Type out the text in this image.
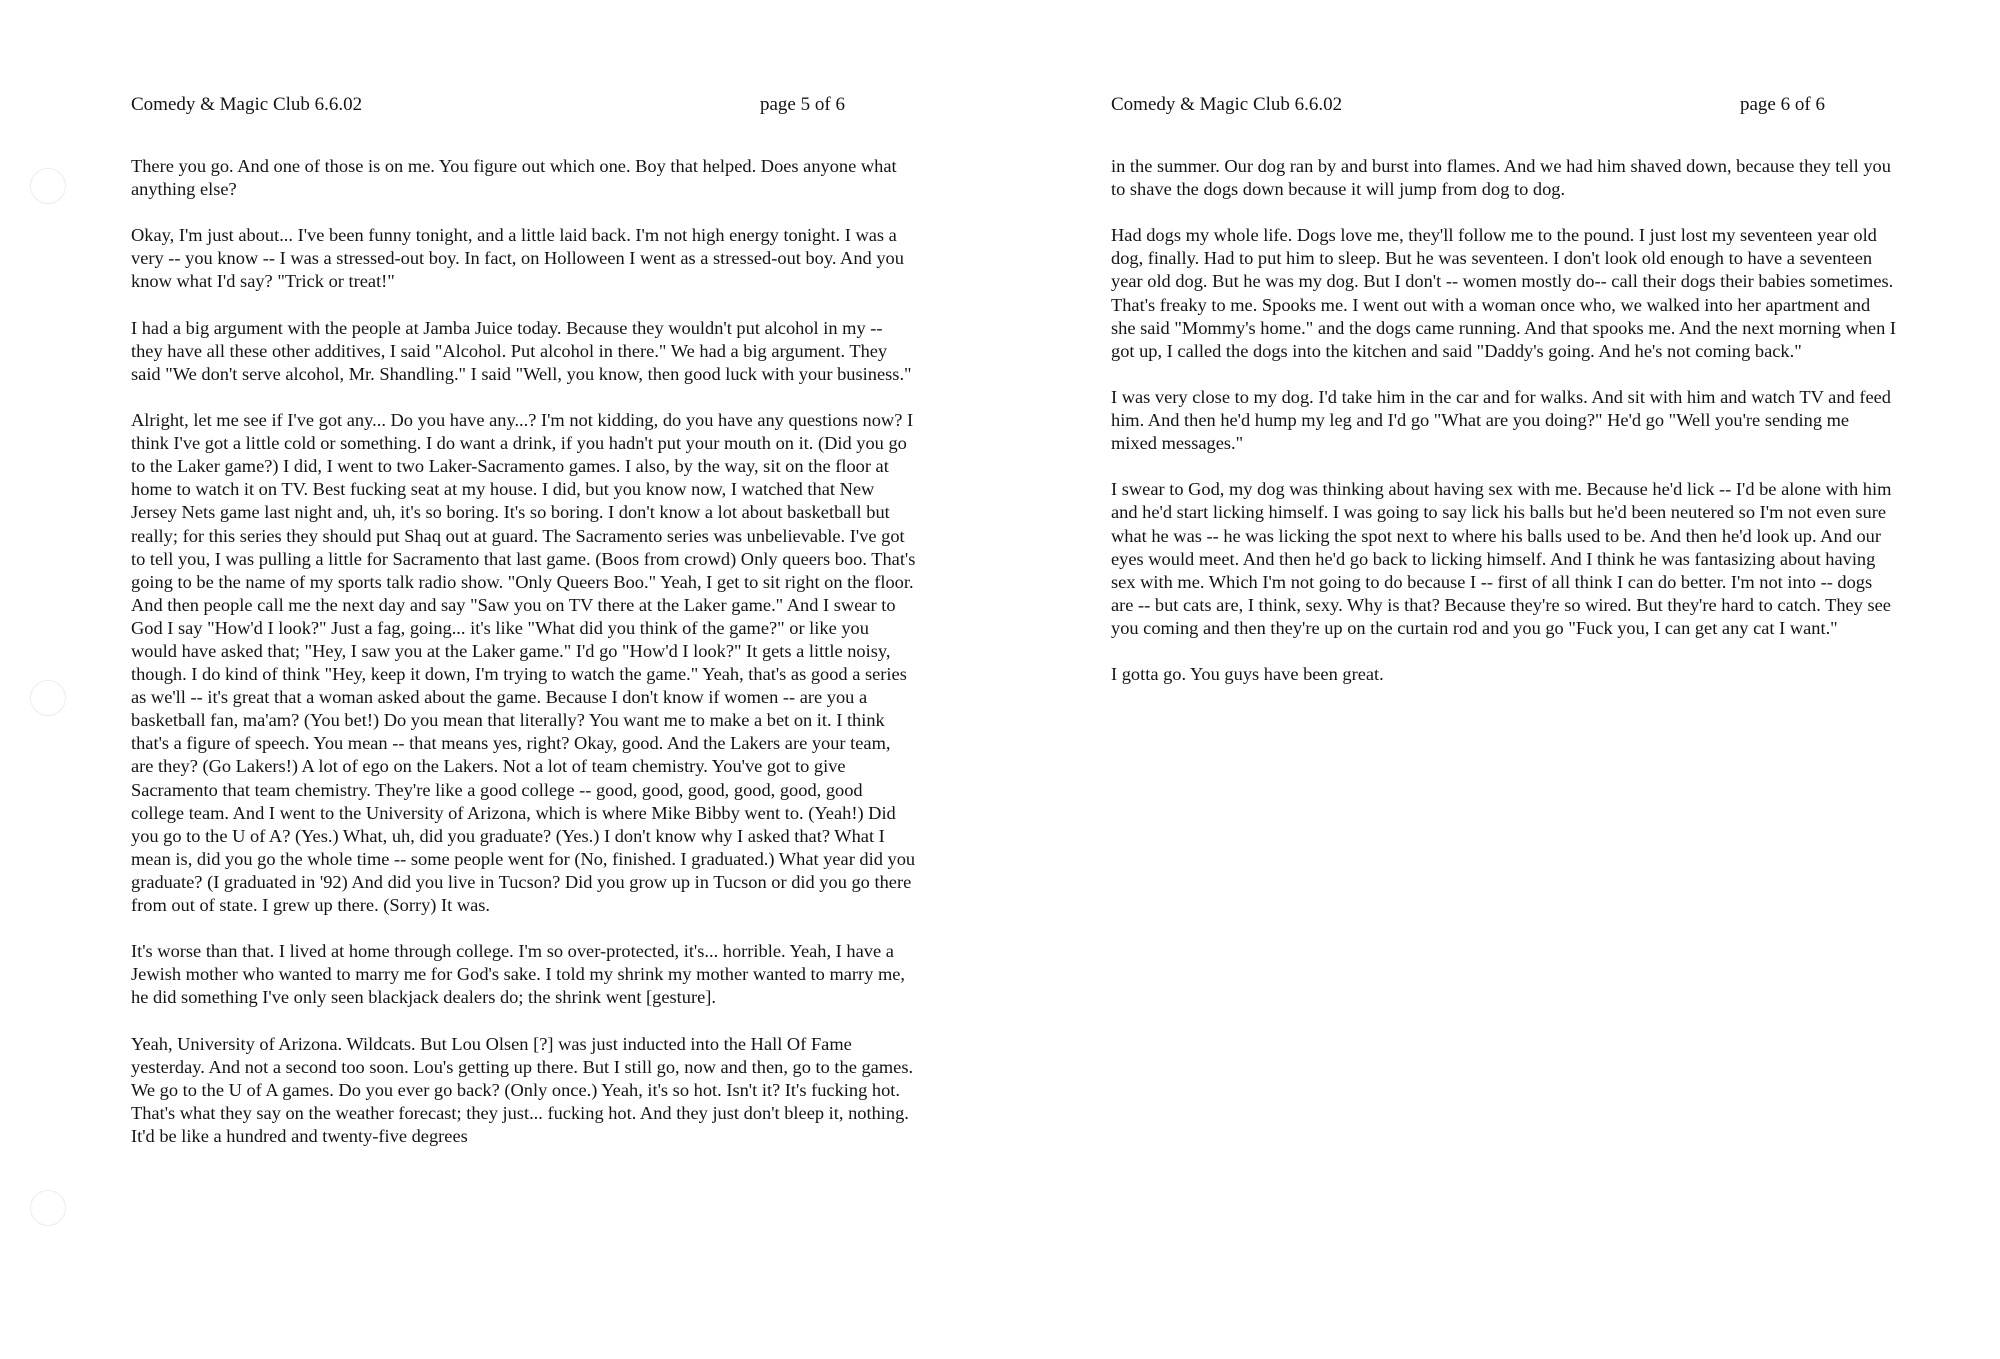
Comedy & Magic Club 6.6.02	page 5 of 6

There you go. And one of those is on me. You figure out which one. Boy that helped. Does anyone what anything else?

Okay, I'm just about... I've been funny tonight, and a little laid back. I'm not high energy tonight. I was a very -- you know -- I was a stressed-out boy. In fact, on Holloween I went as a stressed-out boy. And you know what I'd say? "Trick or treat!"

I had a big argument with the people at Jamba Juice today. Because they wouldn't put alcohol in my -- they have all these other additives, I said "Alcohol. Put alcohol in there." We had a big argument. They said "We don't serve alcohol, Mr. Shandling." I said "Well, you know, then good luck with your business."

Alright, let me see if I've got any... Do you have any...? I'm not kidding, do you have any questions now? I think I've got a little cold or something. I do want a drink, if you hadn't put your mouth on it. (Did you go to the Laker game?) I did, I went to two Laker-Sacramento games. I also, by the way, sit on the floor at home to watch it on TV. Best fucking seat at my house. I did, but you know now, I watched that New Jersey Nets game last night and, uh, it's so boring. It's so boring. I don't know a lot about basketball but really; for this series they should put Shaq out at guard. The Sacramento series was unbelievable. I've got to tell you, I was pulling a little for Sacramento that last game. (Boos from crowd) Only queers boo. That's going to be the name of my sports talk radio show. "Only Queers Boo." Yeah, I get to sit right on the floor. And then people call me the next day and say "Saw you on TV there at the Laker game." And I swear to God I say "How'd I look?" Just a fag, going... it's like "What did you think of the game?" or like you would have asked that; "Hey, I saw you at the Laker game." I'd go "How'd I look?" It gets a little noisy, though. I do kind of think "Hey, keep it down, I'm trying to watch the game." Yeah, that's as good a series as we'll -- it's great that a woman asked about the game. Because I don't know if women -- are you a basketball fan, ma'am? (You bet!) Do you mean that literally? You want me to make a bet on it. I think that's a figure of speech. You mean -- that means yes, right? Okay, good. And the Lakers are your team, are they? (Go Lakers!) A lot of ego on the Lakers. Not a lot of team chemistry. You've got to give Sacramento that team chemistry. They're like a good college -- good, good, good, good, good, good college team. And I went to the University of Arizona, which is where Mike Bibby went to. (Yeah!) Did you go to the U of A? (Yes.) What, uh, did you graduate? (Yes.) I don't know why I asked that? What I mean is, did you go the whole time -- some people went for (No, finished. I graduated.) What year did you graduate? (I graduated in '92) And did you live in Tucson? Did you grow up in Tucson or did you go there from out of state. I grew up there. (Sorry) It was.

It's worse than that. I lived at home through college. I'm so over-protected, it's... horrible. Yeah, I have a Jewish mother who wanted to marry me for God's sake. I told my shrink my mother wanted to marry me, he did something I've only seen blackjack dealers do; the shrink went [gesture].

Yeah, University of Arizona. Wildcats. But Lou Olsen [?] was just inducted into the Hall Of Fame yesterday. And not a second too soon. Lou's getting up there. But I still go, now and then, go to the games. We go to the U of A games. Do you ever go back? (Only once.) Yeah, it's so hot. Isn't it? It's fucking hot. That's what they say on the weather forecast; they just... fucking hot. And they just don't bleep it, nothing. It'd be like a hundred and twenty-five degrees

Comedy & Magic Club 6.6.02	page 6 of 6

in the summer. Our dog ran by and burst into flames. And we had him shaved down, because they tell you to shave the dogs down because it will jump from dog to dog.

Had dogs my whole life. Dogs love me, they'll follow me to the pound. I just lost my seventeen year old dog, finally. Had to put him to sleep. But he was seventeen. I don't look old enough to have a seventeen year old dog. But he was my dog. But I don't -- women mostly do-- call their dogs their babies sometimes. That's freaky to me. Spooks me. I went out with a woman once who, we walked into her apartment and she said "Mommy's home." and the dogs came running. And that spooks me. And the next morning when I got up, I called the dogs into the kitchen and said "Daddy's going. And he's not coming back."

I was very close to my dog. I'd take him in the car and for walks. And sit with him and watch TV and feed him. And then he'd hump my leg and I'd go "What are you doing?" He'd go "Well you're sending me mixed messages."

I swear to God, my dog was thinking about having sex with me. Because he'd lick -- I'd be alone with him and he'd start licking himself. I was going to say lick his balls but he'd been neutered so I'm not even sure what he was -- he was licking the spot next to where his balls used to be. And then he'd look up. And our eyes would meet. And then he'd go back to licking himself. And I think he was fantasizing about having sex with me. Which I'm not going to do because I -- first of all think I can do better. I'm not into -- dogs are -- but cats are, I think, sexy. Why is that? Because they're so wired. But they're hard to catch. They see you coming and then they're up on the curtain rod and you go "Fuck you, I can get any cat I want."

I gotta go. You guys have been great.
